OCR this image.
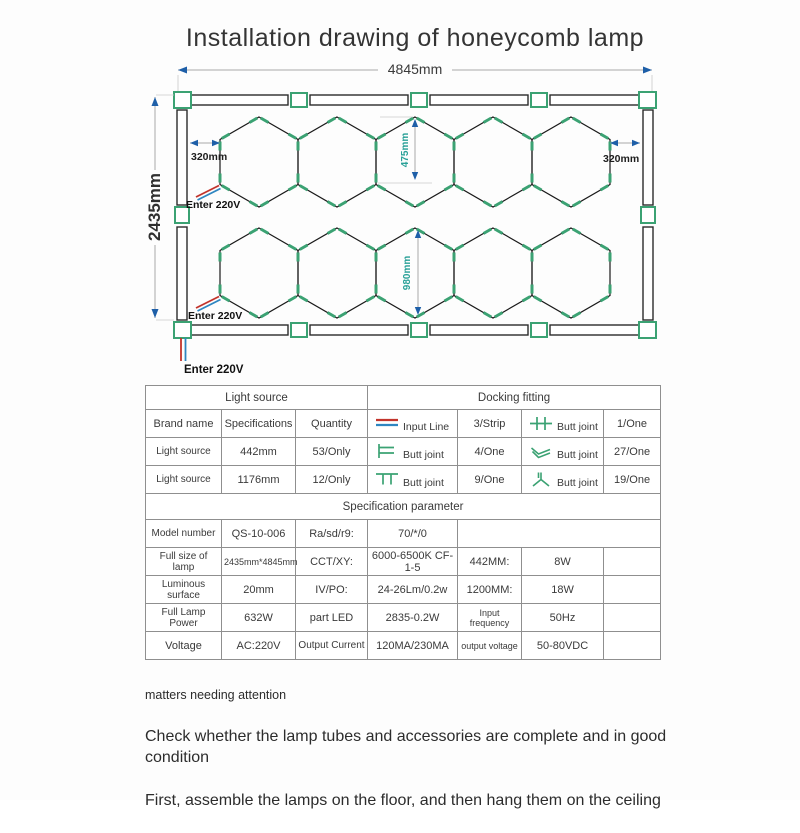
Installation drawing of honeycomb lamp
4845mm
2435mm
320mm	320mm
475mm
980mm
Enter 220V
Enter 220V
Enter 220V
Light source			Docking fitting			
Brand name	Specifications	Quantity	Input Line	3/Strip	Butt joint	1/One
Light source	442mm	53/Only	Butt joint	4/One	Butt joint	27/One
Light source	1176mm	12/Only	Butt joint	9/One	Butt joint	19/One
Specification parameter						
Model number	QS-10-006	Ra/sd/r9:	70/*/0			
Full size of lamp	2435mm*4845mm	CCT/XY:	6000-6500K CF-1-5	442MM:	8W	
Luminous surface	20mm	IV/PO:	24-26Lm/0.2w	1200MM:	18W	
Full Lamp Power	632W	part LED	2835-0.2W	Input frequency	50Hz	
Voltage	AC:220V	Output Current	120MA/230MA	output voltage	50-80VDC	
matters needing attention

Check whether the lamp tubes and accessories are complete and in good condition

First, assemble the lamps on the floor, and then hang them on the ceiling
